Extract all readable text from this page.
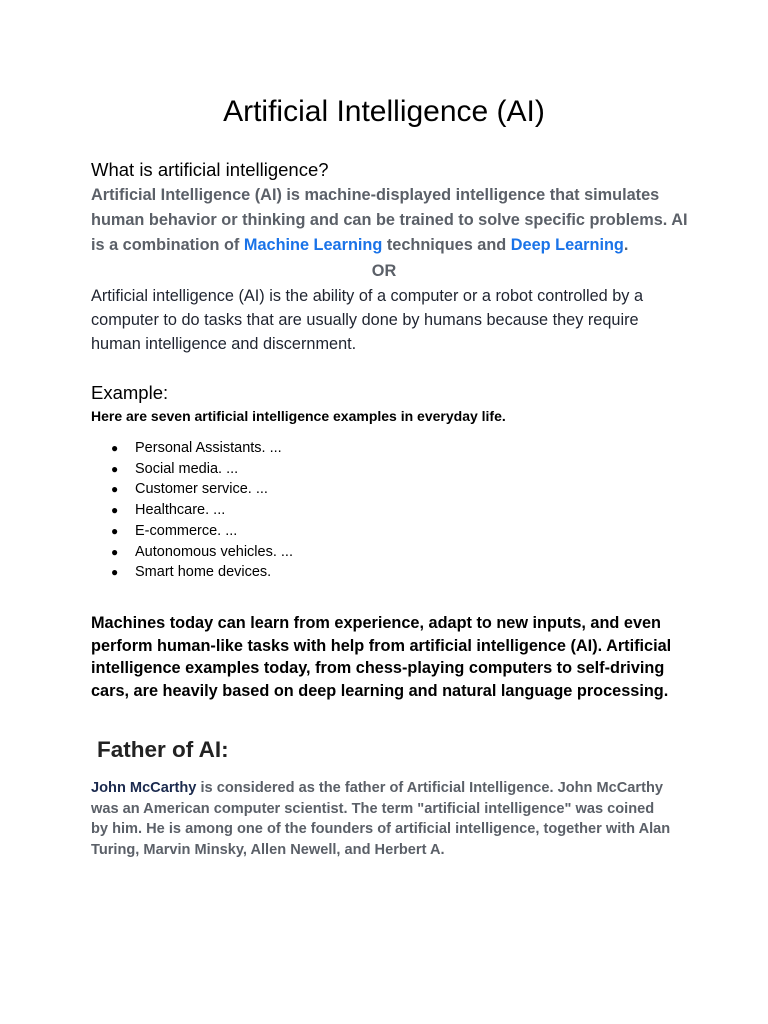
Artificial Intelligence (AI)
What is artificial intelligence?

Artificial Intelligence (AI) is machine-displayed intelligence that simulates human behavior or thinking and can be trained to solve specific problems. AI is a combination of Machine Learning techniques and Deep Learning.

OR

Artificial intelligence (AI) is the ability of a computer or a robot controlled by a computer to do tasks that are usually done by humans because they require human intelligence and discernment.

Example:

Here are seven artificial intelligence examples in everyday life.

● Personal Assistants. ...
● Social media. ...
● Customer service. ...
● Healthcare. ...
● E-commerce. ...
● Autonomous vehicles. ...
● Smart home devices.

Machines today can learn from experience, adapt to new inputs, and even perform human-like tasks with help from artificial intelligence (AI). Artificial intelligence examples today, from chess-playing computers to self-driving cars, are heavily based on deep learning and natural language processing.

Father of AI:

John McCarthy is considered as the father of Artificial Intelligence. John McCarthy was an American computer scientist. The term "artificial intelligence" was coined by him. He is among one of the founders of artificial intelligence, together with Alan Turing, Marvin Minsky, Allen Newell, and Herbert A.
